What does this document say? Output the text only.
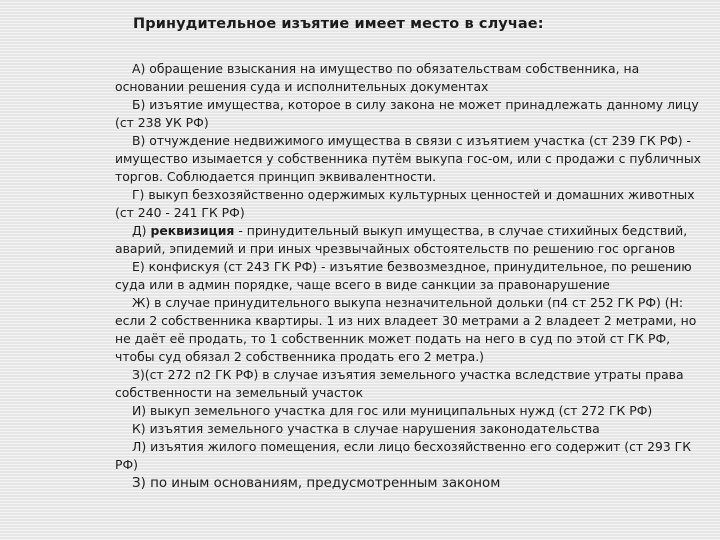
Принудительное изъятие имеет место в случае:

А) обращение взыскания на имущество по обязательствам собственника, на основании решения суда и исполнительных документах

Б) изъятие имущества, которое в силу закона не может принадлежать данному лицу (ст 238 УК РФ)

В) отчуждение недвижимого имущества в связи с изъятием участка (ст 239 ГК РФ) - имущество изымается у собственника путём выкупа гос-ом, или с продажи с публичных торгов. Соблюдается принцип эквивалентности.

Г) выкуп безхозяйственно одержимых культурных ценностей и домашних животных (ст 240 - 241 ГК РФ)

Д) реквизиция - принудительный выкуп имущества, в случае стихийных бедствий, аварий, эпидемий и при иных чрезвычайных обстоятельств по решению гос органов

Е) конфискуя (ст 243 ГК РФ) - изъятие безвозмездное, принудительное, по решению суда или в админ порядке, чаще всего в виде санкции за правонарушение

Ж) в случае принудительного выкупа незначительной дольки (п4 ст 252 ГК РФ) (Н: если 2 собственника квартиры. 1 из них владеет 30 метрами а 2 владеет 2 метрами, но не даёт её продать, то 1 собственник может подать на него в суд по этой ст ГК РФ, чтобы суд обязал 2 собственника продать его 2 метра.)

З)(ст 272 п2 ГК РФ) в случае изъятия земельного участка вследствие утраты права собственности на земельный участок

И) выкуп земельного участка для гос или муниципальных нужд (ст 272 ГК РФ)

К) изъятия земельного участка в случае нарушения законодательства

Л) изъятия жилого помещения, если лицо бесхозяйственно его содержит (ст 293 ГК РФ)

З) по иным основаниям, предусмотренным законом
